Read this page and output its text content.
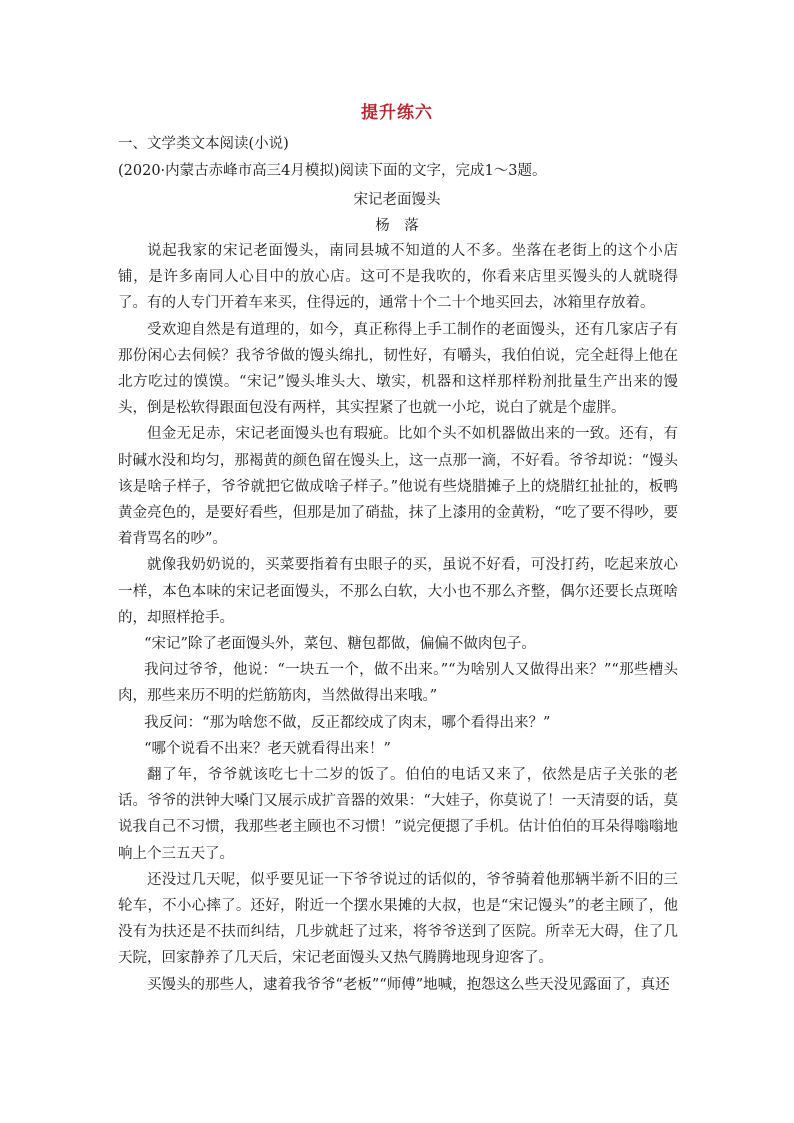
提升练六
一、文学类文本阅读(小说)
(2020·内蒙古赤峰市高三4月模拟)阅读下面的文字，完成1～3题。
宋记老面馒头
杨　落

说起我家的宋记老面馒头，南同县城不知道的人不多。坐落在老街上的这个小店铺，是许多南同人心目中的放心店。这可不是我吹的，你看来店里买馒头的人就晓得了。有的人专门开着车来买，住得远的，通常十个二十个地买回去，冰箱里存放着。

受欢迎自然是有道理的，如今，真正称得上手工制作的老面馒头，还有几家店子有那份闲心去伺候？我爷爷做的馒头绵扎，韧性好，有嚼头，我伯伯说，完全赶得上他在北方吃过的馍馍。“宋记”馒头堆头大、墩实，机器和这样那样粉剂批量生产出来的馒头，倒是松软得跟面包没有两样，其实捏紧了也就一小坨，说白了就是个虚胖。

但金无足赤，宋记老面馒头也有瑕疵。比如个头不如机器做出来的一致。还有，有时碱水没和均匀，那褐黄的颜色留在馒头上，这一点那一滴，不好看。爷爷却说：“馒头该是啥子样子，爷爷就把它做成啥子样子。”他说有些烧腊摊子上的烧腊红扯扯的，板鸭黄金亮色的，是要好看些，但那是加了硝盐，抹了上漆用的金黄粉，“吃了要不得吵，要着背骂名的吵”。

就像我奶奶说的，买菜要指着有虫眼子的买，虽说不好看，可没打药，吃起来放心一样，本色本味的宋记老面馒头，不那么白软，大小也不那么齐整，偶尔还要长点斑啥的，却照样抢手。

“宋记”除了老面馒头外，菜包、糖包都做，偏偏不做肉包子。

我问过爷爷，他说：“一块五一个，做不出来。”“为啥别人又做得出来？”“那些槽头肉，那些来历不明的烂筋筋肉，当然做得出来哦。”

我反问：“那为啥您不做，反正都绞成了肉末，哪个看得出来？”

“哪个说看不出来？老天就看得出来！”

翻了年，爷爷就该吃七十二岁的饭了。伯伯的电话又来了，依然是店子关张的老话。爷爷的洪钟大嗓门又展示成扩音器的效果：“大娃子，你莫说了！一天清耍的话，莫说我自己不习惯，我那些老主顾也不习惯！”说完便摁了手机。估计伯伯的耳朵得嗡嗡地响上个三五天了。

还没过几天呢，似乎要见证一下爷爷说过的话似的，爷爷骑着他那辆半新不旧的三轮车，不小心摔了。还好，附近一个摆水果摊的大叔，也是“宋记馒头”的老主顾了，他没有为扶还是不扶而纠结，几步就赶了过来，将爷爷送到了医院。所幸无大碍，住了几天院，回家静养了几天后，宋记老面馒头又热气腾腾地现身迎客了。

买馒头的那些人，逮着我爷爷“老板”“师傅”地喊，抱怨这么些天没见露面了，真还
